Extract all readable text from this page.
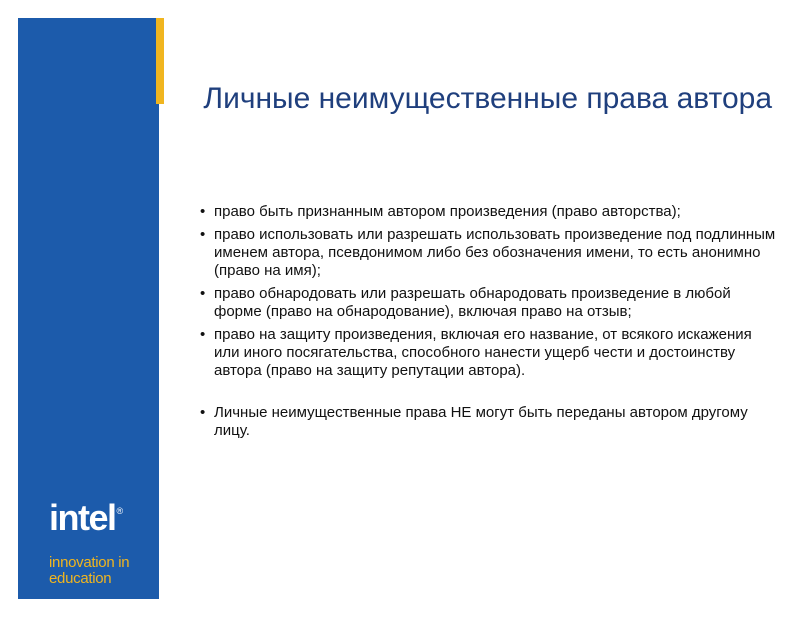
intel®
innovation in
education
Личные неимущественные права автора
• право быть признанным автором произведения (право авторства);
• право использовать или разрешать использовать произведение под подлинным именем автора, псевдонимом либо без обозначения имени, то есть анонимно (право на имя);
• право обнародовать или разрешать обнародовать произведение в любой форме (право на обнародование), включая право на отзыв;
• право на защиту произведения, включая его название, от всякого искажения или иного посягательства, способного нанести ущерб чести и достоинству автора (право на защиту репутации автора).
• Личные неимущественные права НЕ могут быть переданы автором другому лицу.
